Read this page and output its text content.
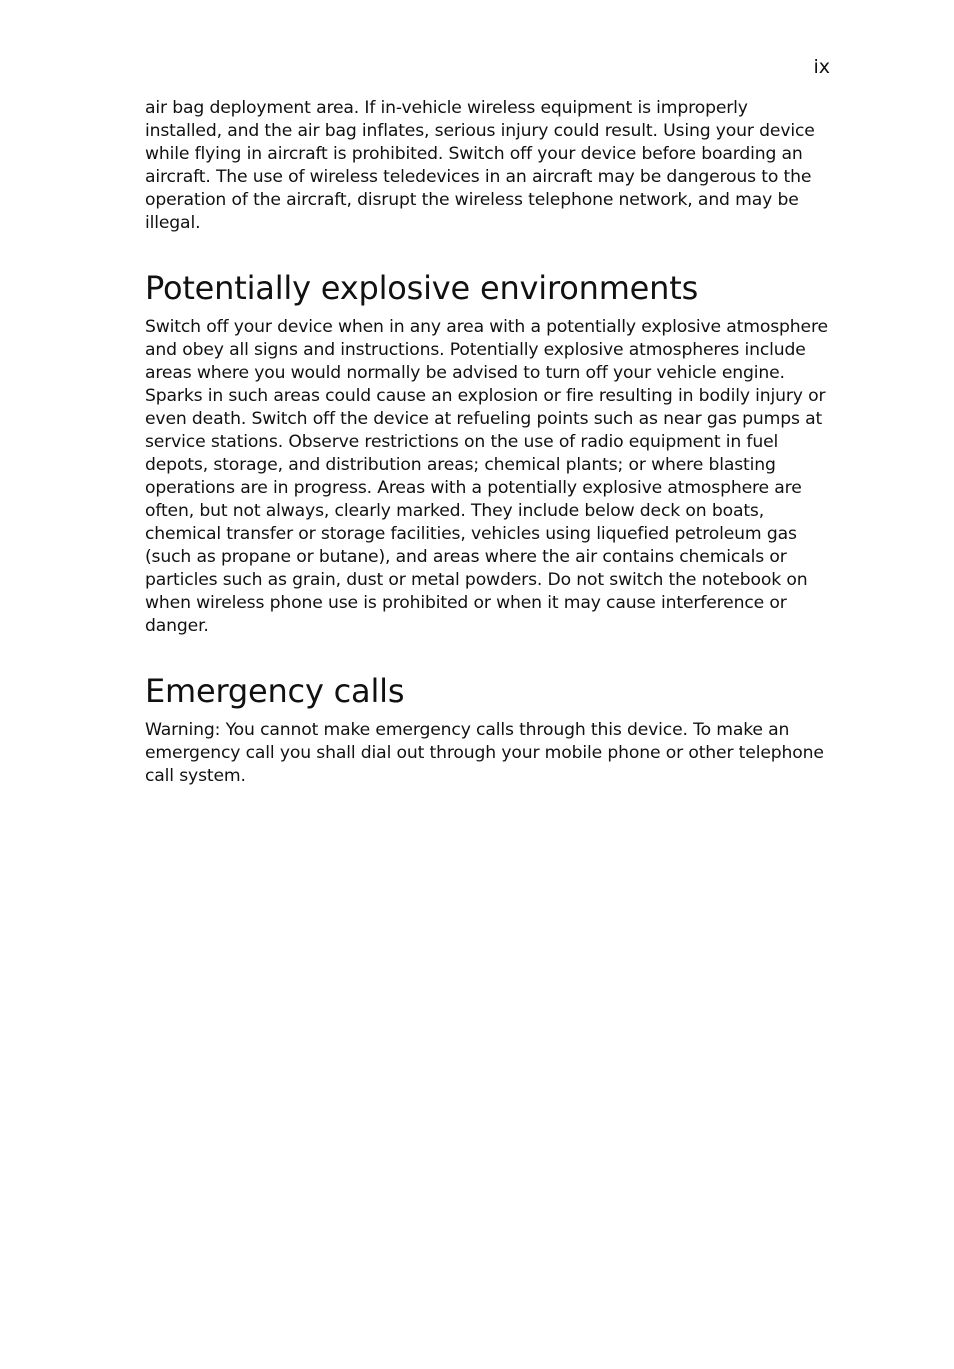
ix

air bag deployment area. If in-vehicle wireless equipment is improperly installed, and the air bag inflates, serious injury could result. Using your device while flying in aircraft is prohibited. Switch off your device before boarding an aircraft. The use of wireless teledevices in an aircraft may be dangerous to the operation of the aircraft, disrupt the wireless telephone network, and may be illegal.

Potentially explosive environments

Switch off your device when in any area with a potentially explosive atmosphere and obey all signs and instructions. Potentially explosive atmospheres include areas where you would normally be advised to turn off your vehicle engine. Sparks in such areas could cause an explosion or fire resulting in bodily injury or even death. Switch off the device at refueling points such as near gas pumps at service stations. Observe restrictions on the use of radio equipment in fuel depots, storage, and distribution areas; chemical plants; or where blasting operations are in progress. Areas with a potentially explosive atmosphere are often, but not always, clearly marked. They include below deck on boats, chemical transfer or storage facilities, vehicles using liquefied petroleum gas (such as propane or butane), and areas where the air contains chemicals or particles such as grain, dust or metal powders. Do not switch the notebook on when wireless phone use is prohibited or when it may cause interference or danger.

Emergency calls

Warning: You cannot make emergency calls through this device. To make an emergency call you shall dial out through your mobile phone or other telephone call system.
